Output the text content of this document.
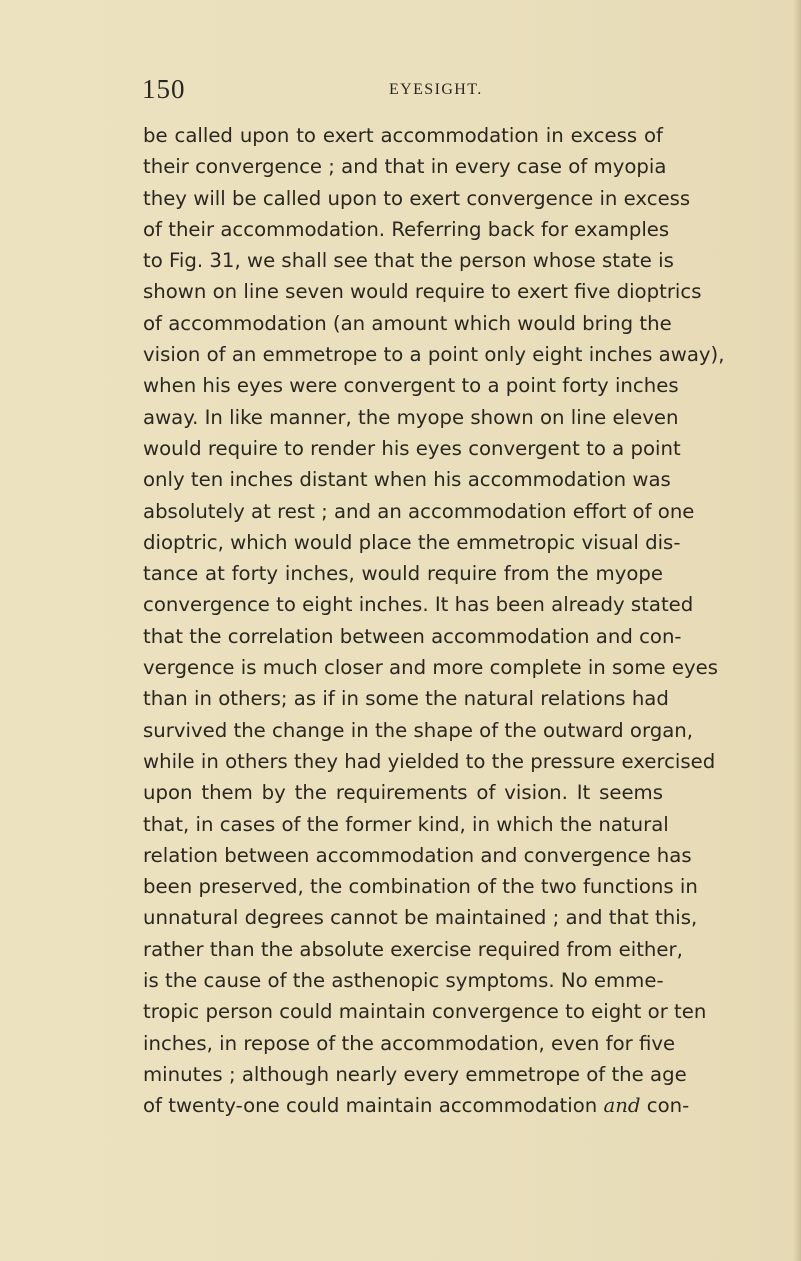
150	EYESIGHT.
be called upon to exert accommodation in excess of
their convergence ; and that in every case of myopia
they will be called upon to exert convergence in excess
of their accommodation. Referring back for examples
to Fig. 31, we shall see that the person whose state is
shown on line seven would require to exert five dioptrics
of accommodation (an amount which would bring the
vision of an emmetrope to a point only eight inches away),
when his eyes were convergent to a point forty inches
away. In like manner, the myope shown on line eleven
would require to render his eyes convergent to a point
only ten inches distant when his accommodation was
absolutely at rest ; and an accommodation effort of one
dioptric, which would place the emmetropic visual dis-
tance at forty inches, would require from the myope
convergence to eight inches. It has been already stated
that the correlation between accommodation and con-
vergence is much closer and more complete in some eyes
than in others; as if in some the natural relations had
survived the change in the shape of the outward organ,
while in others they had yielded to the pressure exercised
upon them by the requirements of vision. It seems
that, in cases of the former kind, in which the natural
relation between accommodation and convergence has
been preserved, the combination of the two functions in
unnatural degrees cannot be maintained ; and that this,
rather than the absolute exercise required from either,
is the cause of the asthenopic symptoms. No emme-
tropic person could maintain convergence to eight or ten
inches, in repose of the accommodation, even for five
minutes ; although nearly every emmetrope of the age
of twenty-one could maintain accommodation and con-
